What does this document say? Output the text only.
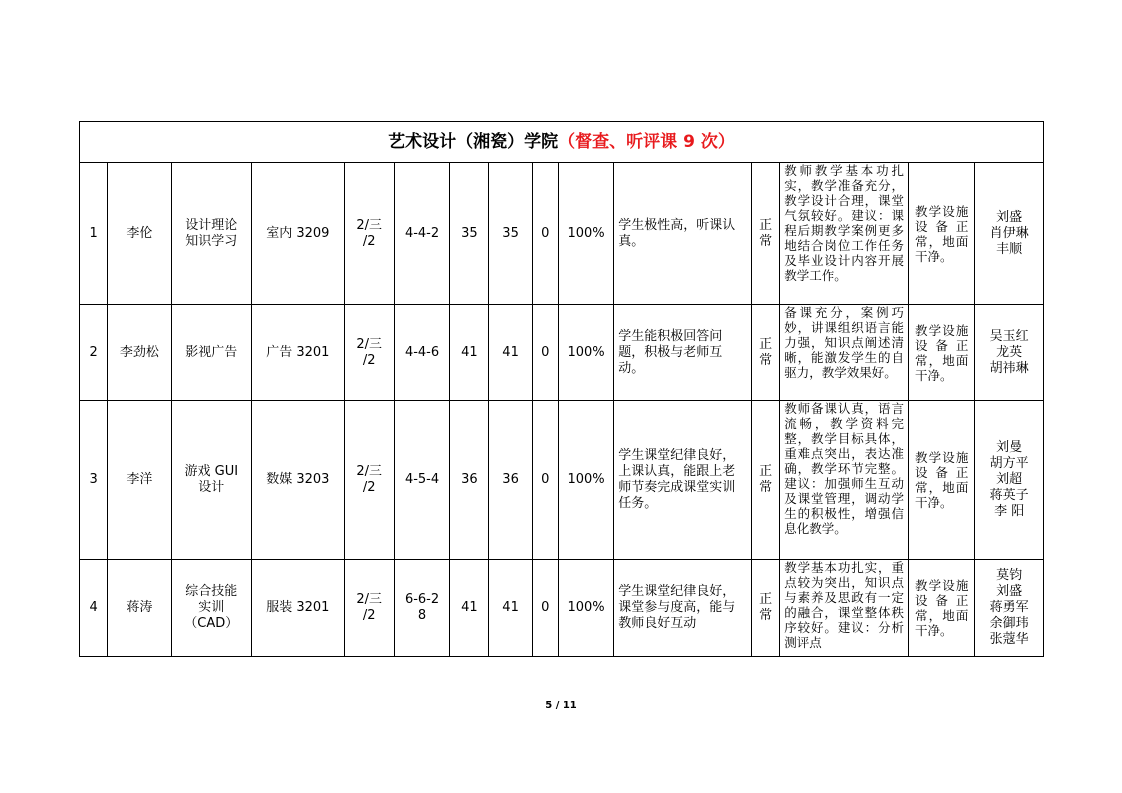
艺术设计（湘瓷）学院（督查、听评课 9 次）														
1	李伦	设计理论
知识学习	室内 3209	2/三
/2	4-4-2	35	35	0	100%	学生极性高，听课认真。	正
常	教师教学基本功扎实，教学准备充分，教学设计合理，课堂气氛较好。建议：课程后期教学案例更多地结合岗位工作任务及毕业设计内容开展教学工作。	教学设施设备正常，地面干净。	刘盛
肖伊琳
丰顺
2	李劲松	影视广告	广告 3201	2/三
/2	4-4-6	41	41	0	100%	学生能积极回答问题，积极与老师互动。	正
常	备课充分，案例巧妙，讲课组织语言能力强，知识点阐述清晰，能激发学生的自驱力，教学效果好。	教学设施设备正常，地面干净。	吴玉红
龙英
胡祎琳
3	李洋	游戏 GUI
设计	数媒 3203	2/三
/2	4-5-4	36	36	0	100%	学生课堂纪律良好，上课认真，能跟上老师节奏完成课堂实训任务。	正
常	教师备课认真，语言流畅，教学资料完整，教学目标具体，重难点突出，表达准确，教学环节完整。建议：加强师生互动及课堂管理，调动学生的积极性，增强信息化教学。	教学设施设备正常，地面干净。	刘曼
胡方平
刘超
蒋英子
李 阳
4	蒋涛	综合技能
实训
（CAD）	服装 3201	2/三
/2	6-6-2
8	41	41	0	100%	学生课堂纪律良好，课堂参与度高，能与教师良好互动	正
常	教学基本功扎实，重点较为突出，知识点与素养及思政有一定的融合，课堂整体秩序较好。建议：分析测评点	教学设施设备正常，地面干净。	莫钧
刘盛
蒋勇军
余御玮
张蔻华
5 / 11
